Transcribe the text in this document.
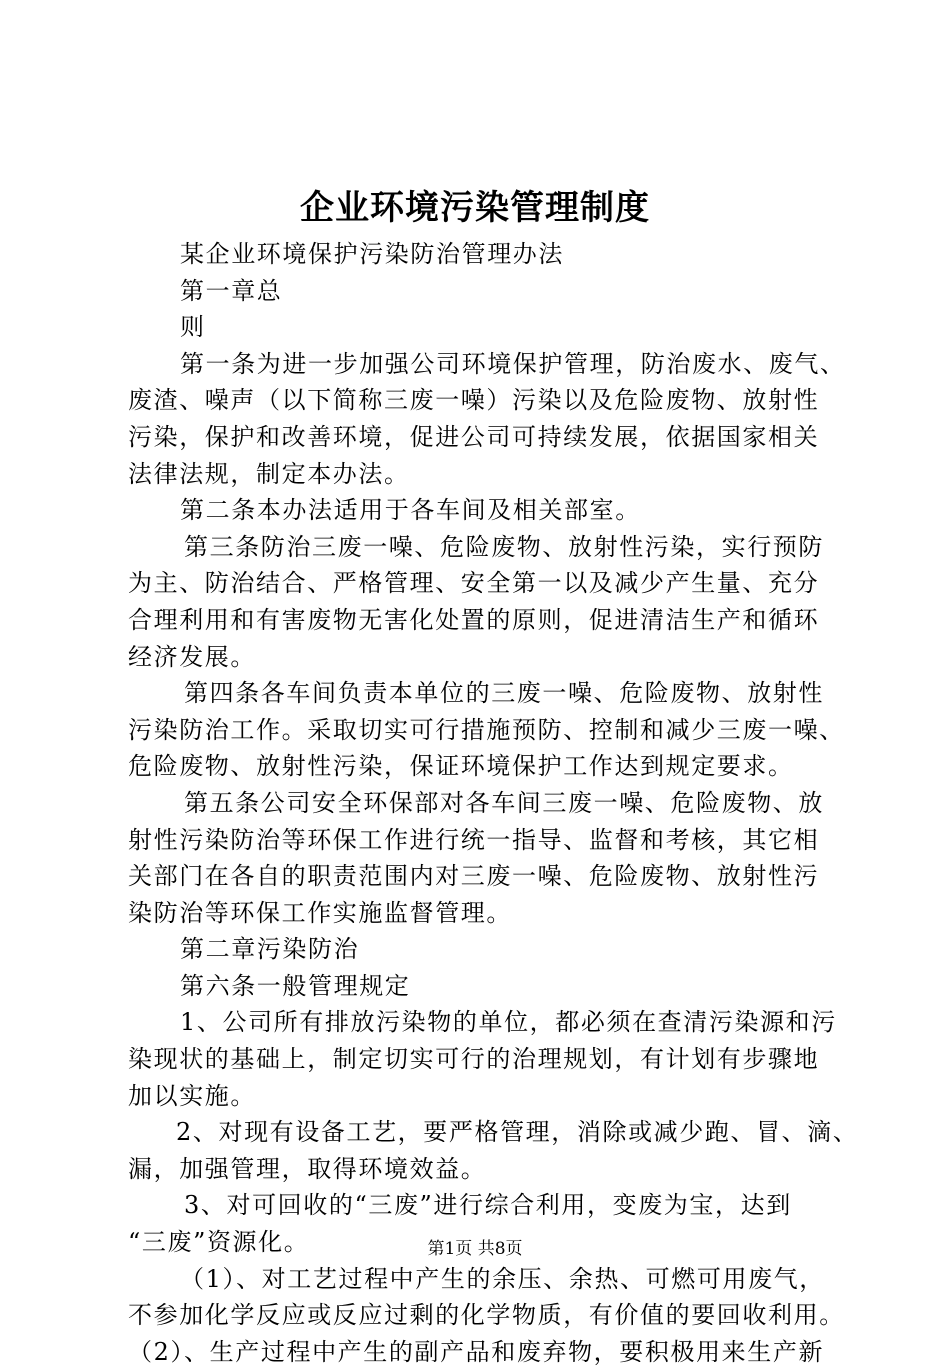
企业环境污染管理制度
某企业环境保护污染防治管理办法
第一章总
则
第一条为进一步加强公司环境保护管理，防治废水、废气、
废渣、噪声（以下简称三废一噪）污染以及危险废物、放射性
污染，保护和改善环境，促进公司可持续发展，依据国家相关
法律法规，制定本办法。
第二条本办法适用于各车间及相关部室。
第三条防治三废一噪、危险废物、放射性污染，实行预防
为主、防治结合、严格管理、安全第一以及减少产生量、充分
合理利用和有害废物无害化处置的原则，促进清洁生产和循环
经济发展。
第四条各车间负责本单位的三废一噪、危险废物、放射性
污染防治工作。采取切实可行措施预防、控制和减少三废一噪、
危险废物、放射性污染，保证环境保护工作达到规定要求。
第五条公司安全环保部对各车间三废一噪、危险废物、放
射性污染防治等环保工作进行统一指导、监督和考核，其它相
关部门在各自的职责范围内对三废一噪、危险废物、放射性污
染防治等环保工作实施监督管理。
第二章污染防治
第六条一般管理规定
1、公司所有排放污染物的单位，都必须在查清污染源和污
染现状的基础上，制定切实可行的治理规划，有计划有步骤地
加以实施。
2、对现有设备工艺，要严格管理，消除或减少跑、冒、滴、
漏，加强管理，取得环境效益。
3、对可回收的“三废”进行综合利用，变废为宝，达到
“三废”资源化。
（1）、对工艺过程中产生的余压、余热、可燃可用废气，
不参加化学反应或反应过剩的化学物质，有价值的要回收利用。
（2）、生产过程中产生的副产品和废弃物，要积极用来生产新
第1页 共8页
